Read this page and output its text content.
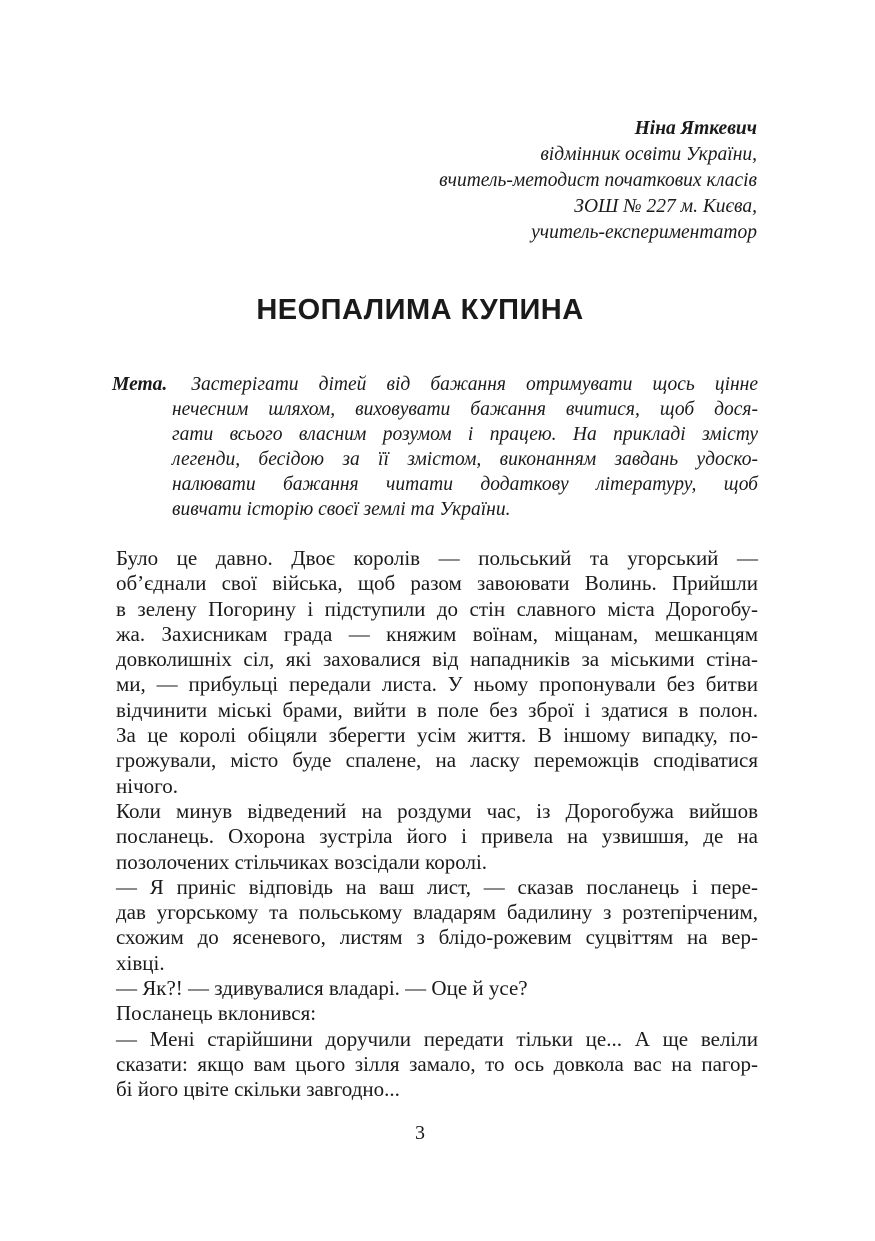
Ніна Яткевич
відмінник освіти України,
вчитель-методист початкових класів
ЗОШ № 227 м. Києва,
учитель-експериментатор
НЕОПАЛИМА КУПИНА
Мета. Застерігати дітей від бажання отримувати щось цінне
нечесним шляхом, виховувати бажання вчитися, щоб дося-
гати всього власним розумом і працею. На прикладі змісту
легенди, бесідою за її змістом, виконанням завдань удоско-
налювати бажання читати додаткову літературу, щоб
вивчати історію своєї землі та України.
Було це давно. Двоє королів — польський та угорський —
об’єднали свої війська, щоб разом завоювати Волинь. Прийшли
в зелену Погорину і підступили до стін славного міста Дорогобу-
жа. Захисникам града — княжим воїнам, міщанам, мешканцям
довколишніх сіл, які заховалися від нападників за міськими стіна-
ми, — прибульці передали листа. У ньому пропонували без битви
відчинити міські брами, вийти в поле без зброї і здатися в полон.
За це королі обіцяли зберегти усім життя. В іншому випадку, по-
грожували, місто буде спалене, на ласку переможців сподіватися
нічого.
Коли минув відведений на роздуми час, із Дорогобужа вийшов
посланець. Охорона зустріла його і привела на узвишшя, де на
позолочених стільчиках возсідали королі.
— Я приніс відповідь на ваш лист, — сказав посланець і пере-
дав угорському та польському владарям бадилину з розтепірченим,
схожим до ясеневого, листям з блідо-рожевим суцвіттям на вер-
хівці.
— Як?! — здивувалися владарі. — Оце й усе?
Посланець вклонився:
— Мені старійшини доручили передати тільки це... А ще веліли
сказати: якщо вам цього зілля замало, то ось довкола вас на пагор-
бі його цвіте скільки завгодно...
3
